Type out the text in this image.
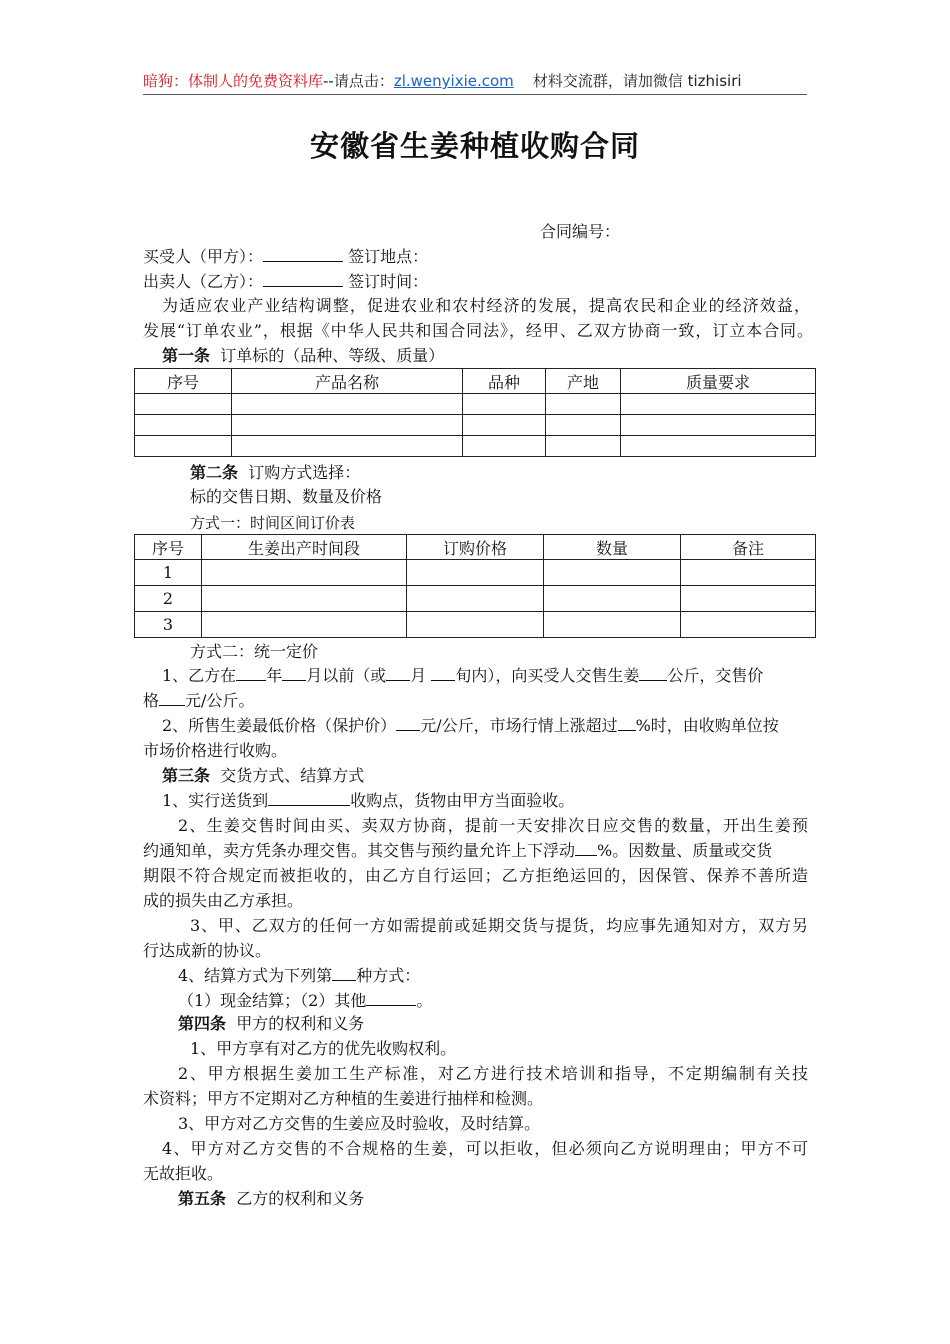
暗狗：体制人的免费资料库--请点击：zl.wenyixie.com 材料交流群，请加微信 tizhisiri
安徽省生姜种植收购合同
合同编号：
买受人（甲方）：	签订地点：
出卖人（乙方）：	签订时间：
为适应农业产业结构调整，促进农业和农村经济的发展，提高农民和企业的经济效益，
发展“订单农业”，根据《中华人民共和国合同法》，经甲、乙双方协商一致，订立本合同。
第一条 订单标的（品种、等级、质量）
序号	产品名称	品种	产地	质量要求

第二条 订购方式选择：
标的交售日期、数量及价格
方式一：时间区间订价表
序号	生姜出产时间段	订购价格	数量	备注
1				
2				
3				
方式二：统一定价
1、乙方在 年 月以前（或 月 旬内），向买受人交售生姜 公斤，交售价
格 元/公斤。
2、所售生姜最低价格（保护价） 元/公斤，市场行情上涨超过 %时，由收购单位按
市场价格进行收购。
第三条 交货方式、结算方式
1、实行送货到	收购点，货物由甲方当面验收。
2、生姜交售时间由买、卖双方协商，提前一天安排次日应交售的数量，开出生姜预
约通知单，卖方凭条办理交售。其交售与预约量允许上下浮动 %。因数量、质量或交货
期限不符合规定而被拒收的，由乙方自行运回；乙方拒绝运回的，因保管、保养不善所造
成的损失由乙方承担。
3、甲、乙双方的任何一方如需提前或延期交货与提货，均应事先通知对方，双方另
行达成新的协议。
4、结算方式为下列第 种方式：
（1）现金结算；（2）其他	。
第四条 甲方的权利和义务
1、甲方享有对乙方的优先收购权利。
2、甲方根据生姜加工生产标准，对乙方进行技术培训和指导，不定期编制有关技
术资料；甲方不定期对乙方种植的生姜进行抽样和检测。
3、甲方对乙方交售的生姜应及时验收，及时结算。
4、甲方对乙方交售的不合规格的生姜，可以拒收，但必须向乙方说明理由；甲方不可
无故拒收。
第五条 乙方的权利和义务
